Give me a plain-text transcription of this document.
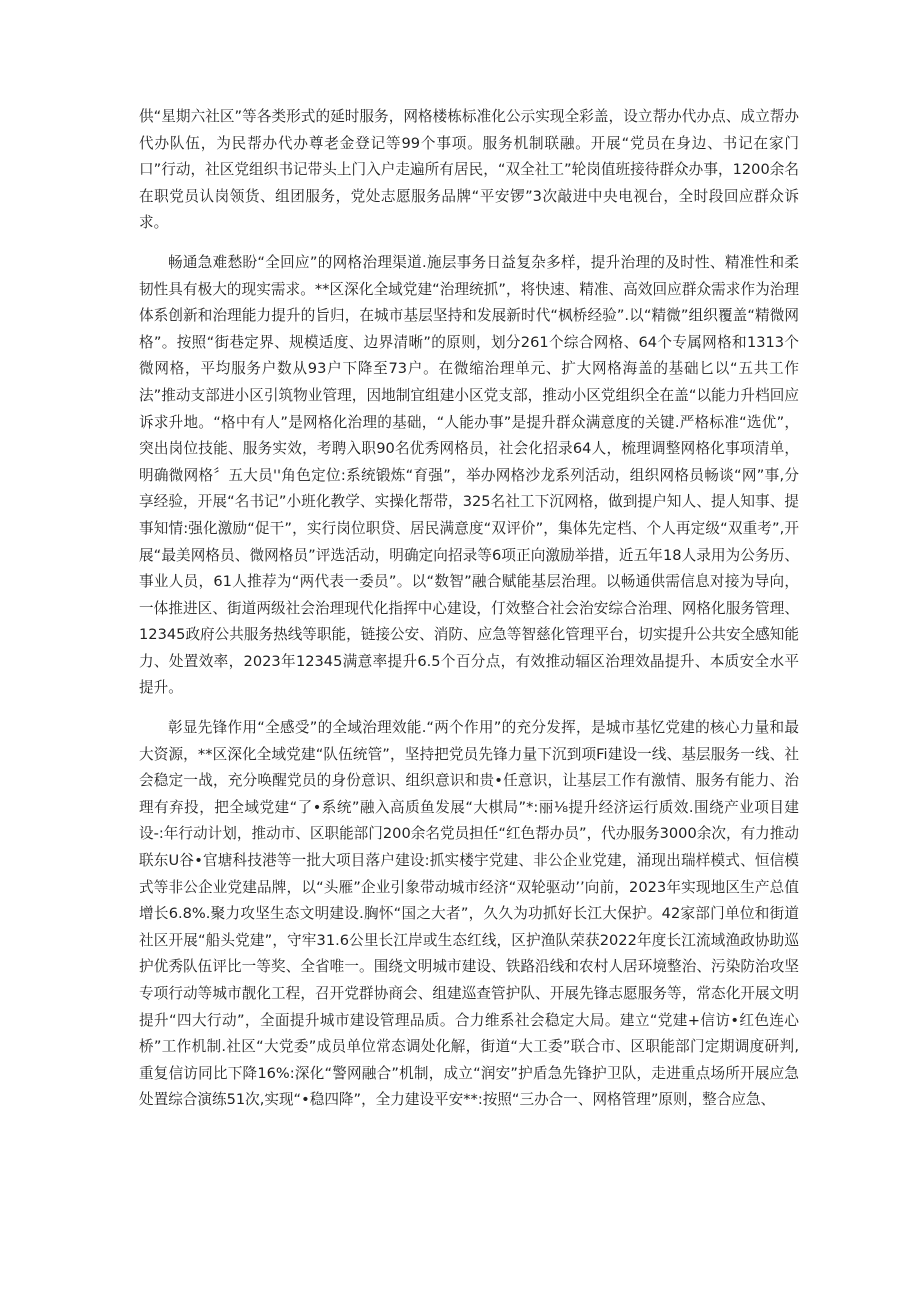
供“星期六社区”等各类形式的延时服务，网格楼栋标准化公示实现全彩盖，设立帮办代办点、成立帮办代办队伍，为民帮办代办尊老金登记等99个事项。服务机制联融。开展“党员在身边、书记在家门口”行动，社区党组织书记带头上门入户走遍所有居民，“双全社工”轮岗值班接待群众办事，1200余名在职党员认岗领货、组团服务，党处志愿服务品牌“平安锣”3次敲进中央电视台，全时段回应群众诉求。

畅通急难愁盼“全回应”的网格治理渠道.施层事务日益复杂多样，提升治理的及时性、精准性和柔韧性具有极大的现实需求。**区深化全域党建“治理统抓”，将快速、精准、高效回应群众需求作为治理体系创新和治理能力提升的旨归，在城市基层坚持和发展新时代“枫桥经验”.以“精微”组织覆盖“精微网格”。按照“街巷定界、规模适度、边界清晰”的原则，划分261个综合网格、64个专属网格和1313个微网格，平均服务户数从93户下降至73户。在微缩治理单元、扩大网格海盖的基础匕以“五共工作法”推动支部进小区引筑物业管理，因地制宜组建小区党支部，推动小区党组织全在盖“以能力升档回应诉求升地。“格中有人”是网格化治理的基础，“人能办事”是提升群众满意度的关键.严格标准“选优”，突出岗位技能、服务实效，考聘入职90名优秀网格员，社会化招录64人，梳理调整网格化事项清单，明确微网格〞五大员''角色定位:系统锻炼“育强”，举办网格沙龙系列活动，组织网格员畅谈“网”事,分享经验，开展“名书记”小班化教学、实操化帮带，325名社工下沉网格，做到提户知人、提人知事、提事知情:强化激励“促干”，实行岗位职贷、居民满意度“双评价”，集体先定档、个人再定级“双重考”,开展“最美网格员、微网格员”评选活动，明确定向招录等6项正向激励举措，近五年18人录用为公务历、事业人员，61人推荐为“两代表一委员”。以“数智”融合赋能基层治理。以畅通供需信息对接为导向，一体推进区、街道两级社会治理现代化指挥中心建设，仃效整合社会治安综合治理、网格化服务管理、12345政府公共服务热线等职能，链接公安、消防、应急等智慈化管理平台，切实提升公共安全感知能力、处置效率，2023年12345满意率提升6.5个百分点，有效推动辐区治理效晶提升、本质安全水平提升。

彰显先锋作用“全感受”的全域治理效能.“两个作用”的充分发挥，是城市基忆党建的核心力量和最大资源，**区深化全域党建“队伍统管”，坚持把党员先锋力量下沉到项Fi建设一线、基层服务一线、社会稳定一战，充分唤醒党员的身份意识、组织意识和贵•任意识，让基层工作有激情、服务有能力、治理有弃投，把全域党建“了•系统”融入高质鱼发展“大棋局”*:丽⅛提升经济运行质效.围绕产业项目建设-:年行动计划，推动市、区职能部门200余名党员担任“红色帮办员”，代办服务3000余次，有力推动联东U谷•官塘科技港等一批大项目落户建设:抓实楼宇党建、非公企业党建，涌现出瑞样模式、恒信模式等非公企业党建品牌，以“头雁”企业引象带动城市经济“双轮驱动’’向前，2023年实现地区生产总值增长6.8%.聚力攻坚生态文明建设.胸怀“国之大者”，久久为功抓好长江大保护。42家部门单位和街道社区开展“船头党建”，守牢31.6公里长江岸或生态红线，区护渔队荣获2022年度长江流域渔政协助巡护优秀队伍评比一等奖、全省唯一。围绕文明城市建设、铁路沿线和农村人居环境整治、污染防治攻坚专项行动等城市靓化工程，召开党群协商会、组建巡查管护队、开展先锋志愿服务等，常态化开展文明提升“四大行动”，全面提升城市建设管理品质。合力维系社会稳定大局。建立“党建+信访•红色连心桥”工作机制.社区“大党委”成员单位常态调处化解，街道“大工委”联合市、区职能部门定期调度研判,重复信访同比下降16%:深化“警网融合”机制，成立“润安”护盾急先锋护卫队，走进重点场所开展应急处置综合演练51次,实现“•稳四降”，全力建设平安**:按照“三办合一、网格管理”原则，整合应急、
